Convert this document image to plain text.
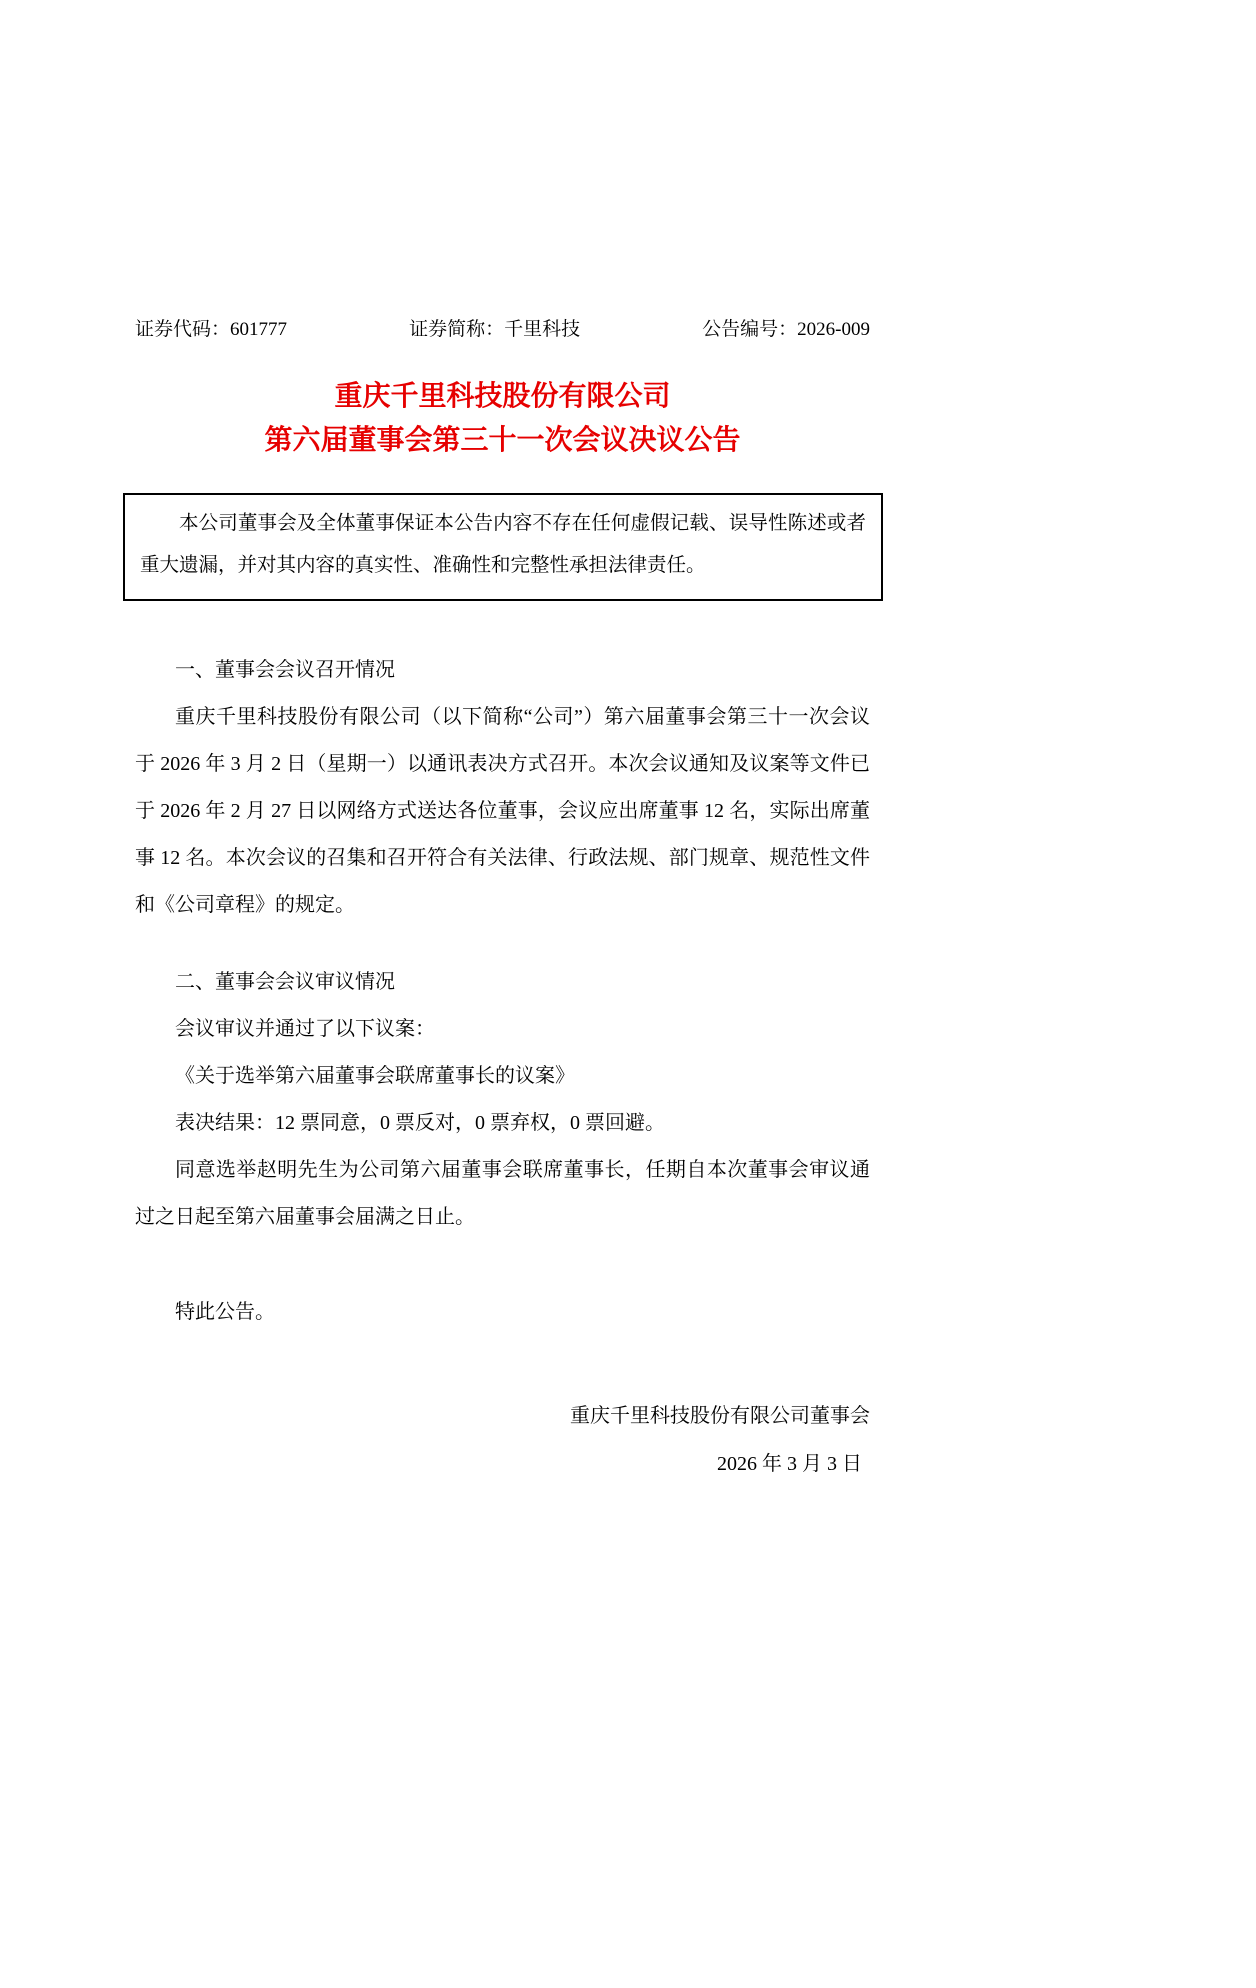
证券代码：601777	证券简称：千里科技	公告编号：2026-009
重庆千里科技股份有限公司
第六届董事会第三十一次会议决议公告

本公司董事会及全体董事保证本公告内容不存在任何虚假记载、误导性陈述或者重大遗漏，并对其内容的真实性、准确性和完整性承担法律责任。

一、董事会会议召开情况

重庆千里科技股份有限公司（以下简称“公司”）第六届董事会第三十一次会议于 2026 年 3 月 2 日（星期一）以通讯表决方式召开。本次会议通知及议案等文件已于 2026 年 2 月 27 日以网络方式送达各位董事，会议应出席董事 12 名，实际出席董事 12 名。本次会议的召集和召开符合有关法律、行政法规、部门规章、规范性文件和《公司章程》的规定。

二、董事会会议审议情况

会议审议并通过了以下议案：

《关于选举第六届董事会联席董事长的议案》

表决结果：12 票同意，0 票反对，0 票弃权，0 票回避。

同意选举赵明先生为公司第六届董事会联席董事长，任期自本次董事会审议通过之日起至第六届董事会届满之日止。

特此公告。

重庆千里科技股份有限公司董事会

2026 年 3 月 3 日
